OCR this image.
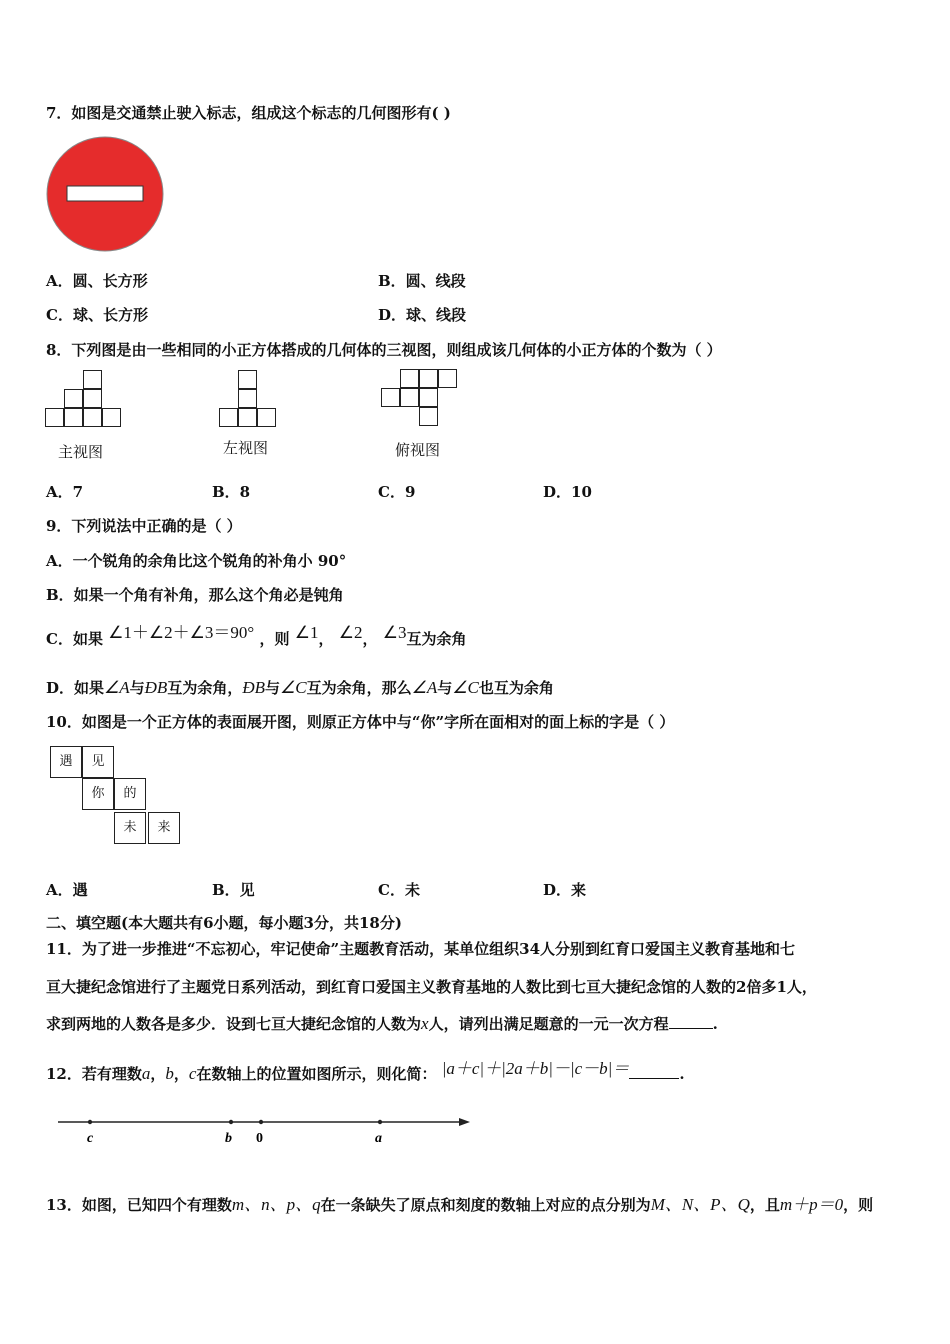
7．如图是交通禁止驶入标志，组成这个标志的几何图形有( )
A．圆、长方形	B．圆、线段
C．球、长方形	D．球、线段
8．下列图是由一些相同的小正方体搭成的几何体的三视图，则组成该几何体的小正方体的个数为（ ）
主视图	左视图	俯视图
A．7	B．8	C．9	D．10
9．下列说法中正确的是（ ）
A．一个锐角的余角比这个锐角的补角小 90°
B．如果一个角有补角，那么这个角必是钝角
C．如果 ∠1＋∠2＋∠3＝90° ，则 ∠1， ∠2， ∠3互为余角
D．如果∠A与ÐB互为余角，ÐB与∠C互为余角，那么∠A与∠C也互为余角
10．如图是一个正方体的表面展开图，则原正方体中与“你”字所在面相对的面上标的字是（ ）
遇	见
你	的
未	来
A．遇	B．见	C．未	D．来
二、填空题(本大题共有6小题，每小题3分，共18分)
11．为了进一步推进“不忘初心，牢记使命”主题教育活动，某单位组织34人分别到红育口爱国主义教育基地和七
亘大捷纪念馆进行了主题党日系列活动，到红育口爱国主义教育基地的人数比到七亘大捷纪念馆的人数的2倍多1人，
求到两地的人数各是多少．设到七亘大捷纪念馆的人数为x人，请列出满足题意的一元一次方程	.
12．若有理数a，b，c在数轴上的位置如图所示，则化简： |a＋c|＋|2a＋b|－|c－b|＝	.
c	b 0	a
13．如图，已知四个有理数m、n、p、q在一条缺失了原点和刻度的数轴上对应的点分别为M、N、P、Q，且m＋p＝0，则
